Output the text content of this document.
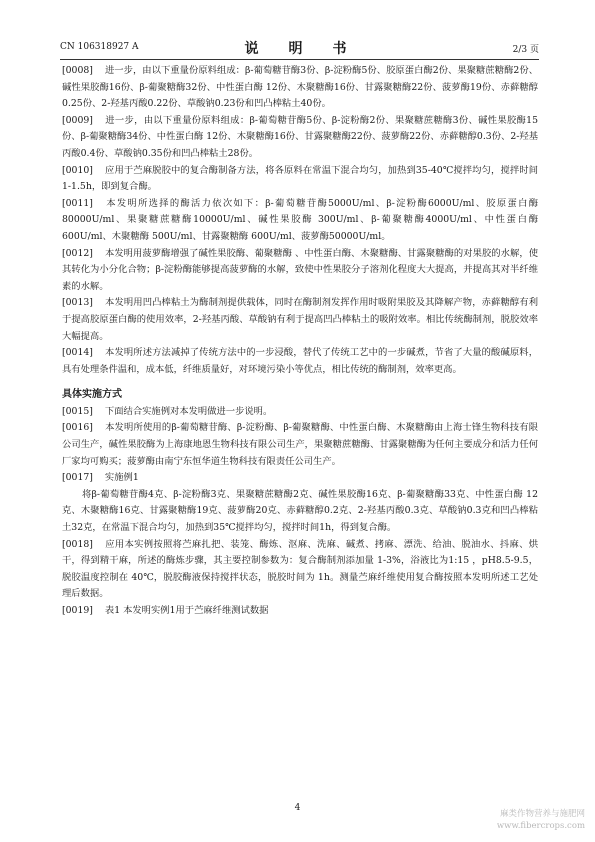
CN 106318927 A	说　明　书	2/3 页

[0008] 进一步，由以下重量份原料组成：β-葡萄糖苷酶3份、β-淀粉酶5份、胶原蛋白酶2份、果聚糖蔗糖酶2份、碱性果胶酶16份、β-葡聚糖酶32份、中性蛋白酶 12份、木聚糖酶16份、甘露聚糖酶22份、菠萝酶19份、赤藓糖醇0.25份、2-羟基丙酸0.22份、草酸钠0.23份和凹凸棒粘土40份。

[0009] 进一步，由以下重量份原料组成：β-葡萄糖苷酶5份、β-淀粉酶2份、果聚糖蔗糖酶3份、碱性果胶酶15份、β-葡聚糖酶34份、中性蛋白酶 12份、木聚糖酶16份、甘露聚糖酶22份、菠萝酶22份、赤藓糖醇0.3份、2-羟基丙酸0.4份、草酸钠0.35份和凹凸棒粘土28份。

[0010] 应用于苎麻脱胶中的复合酶制备方法，将各原料在常温下混合均匀，加热到35-40℃搅拌均匀，搅拌时间1-1.5h，即到复合酶。

[0011] 本发明所选择的酶活力依次如下：β-葡萄糖苷酶5000U/ml、β-淀粉酶6000U/ml、胶原蛋白酶80000U/ml、果聚糖蔗糖酶10000U/ml、碱性果胶酶 300U/ml、β-葡聚糖酶4000U/ml、中性蛋白酶 600U/ml、木聚糖酶 500U/ml、甘露聚糖酶 600U/ml、菠萝酶50000U/ml。

[0012] 本发明用菠萝酶增强了碱性果胶酶、葡聚糖酶 、中性蛋白酶、木聚糖酶、甘露聚糖酶的对果胶的水解，使其转化为小分化合物；β-淀粉酶能够提高菠萝酶的水解，致使中性果胶分子溶剂化程度大大提高，并提高其对半纤维素的水解。

[0013] 本发明用凹凸棒粘土为酶制剂提供载体，同时在酶制剂发挥作用时吸附果胶及其降解产物，赤藓糖醇有利于提高胶原蛋白酶的使用效率，2-羟基丙酸、草酸钠有利于提高凹凸棒粘土的吸附效率。相比传统酶制剂，脱胶效率大幅提高。

[0014] 本发明所述方法减掉了传统方法中的一步浸酸，替代了传统工艺中的一步碱煮，节省了大量的酸碱原料，具有处理条件温和，成本低，纤维质量好，对环境污染小等优点，相比传统的酶制剂，效率更高。

具体实施方式

[0015] 下面结合实施例对本发明做进一步说明。

[0016] 本发明所使用的β-葡萄糖苷酶、β-淀粉酶、β-葡聚糖酶、中性蛋白酶、木聚糖酶由上海士锋生物科技有限公司生产，碱性果胶酶为上海康地恩生物科技有限公司生产，果聚糖蔗糖酶、甘露聚糖酶为任何主要成分和活力任何厂家均可购买；菠萝酶由南宁东恒华道生物科技有限责任公司生产。

[0017] 实施例1

将β-葡萄糖苷酶4克、β-淀粉酶3克、果聚糖蔗糖酶2克、碱性果胶酶16克、β-葡聚糖酶33克、中性蛋白酶 12克、木聚糖酶16克、甘露聚糖酶19克、菠萝酶20克、赤藓糖醇0.2克、2-羟基丙酸0.3克、草酸钠0.3克和凹凸棒粘土32克，在常温下混合均匀，加热到35℃搅拌均匀，搅拌时间1h，得到复合酶。

[0018] 应用本实例按照将苎麻扎把、装笼、酶炼、沤麻、洗麻、碱煮、拷麻、漂洗、给油、脱油水、抖麻、烘干，得到精干麻，所述的酶炼步骤，其主要控制参数为：复合酶制剂添加量 1-3%，浴液比为1:15 ，pH8.5-9.5，脱胶温度控制在 40℃，脱胶酶液保持搅拌状态，脱胶时间为 1h。测量苎麻纤维使用复合酶按照本发明所述工艺处理后数据。

[0019] 表1 本发明实例1用于苎麻纤维测试数据

4
麻类作物营养与施肥网
www.fibercrops.com
